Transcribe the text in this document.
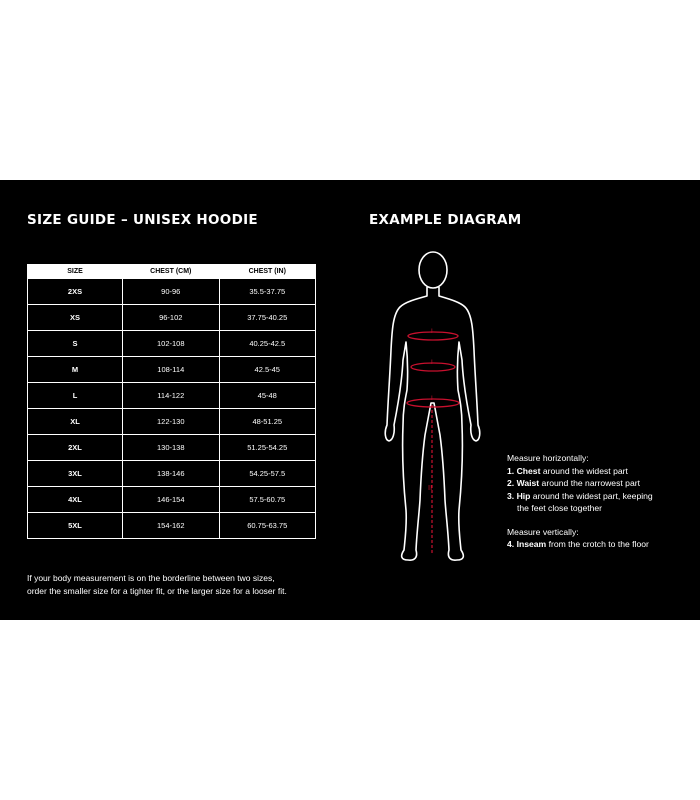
SIZE GUIDE – UNISEX HOODIE	EXAMPLE DIAGRAM
SIZE	CHEST (CM)	CHEST (IN)
2XS	90-96	35.5-37.75
XS	96-102	37.75-40.25
S	102-108	40.25-42.5
M	108-114	42.5-45
L	114-122	45-48
XL	122-130	48-51.25
2XL	130-138	51.25-54.25
3XL	138-146	54.25-57.5
4XL	146-154	57.5-60.75
5XL	154-162	60.75-63.75

If your body measurement is on the borderline between two sizes,

order the smaller size for a tighter fit, or the larger size for a looser fit.

I
I
I
II
Measure horizontally:
1. Chest around the widest part
2. Waist around the narrowest part
3. Hip around the widest part, keeping
the feet close together
Measure vertically:
4. Inseam from the crotch to the floor
